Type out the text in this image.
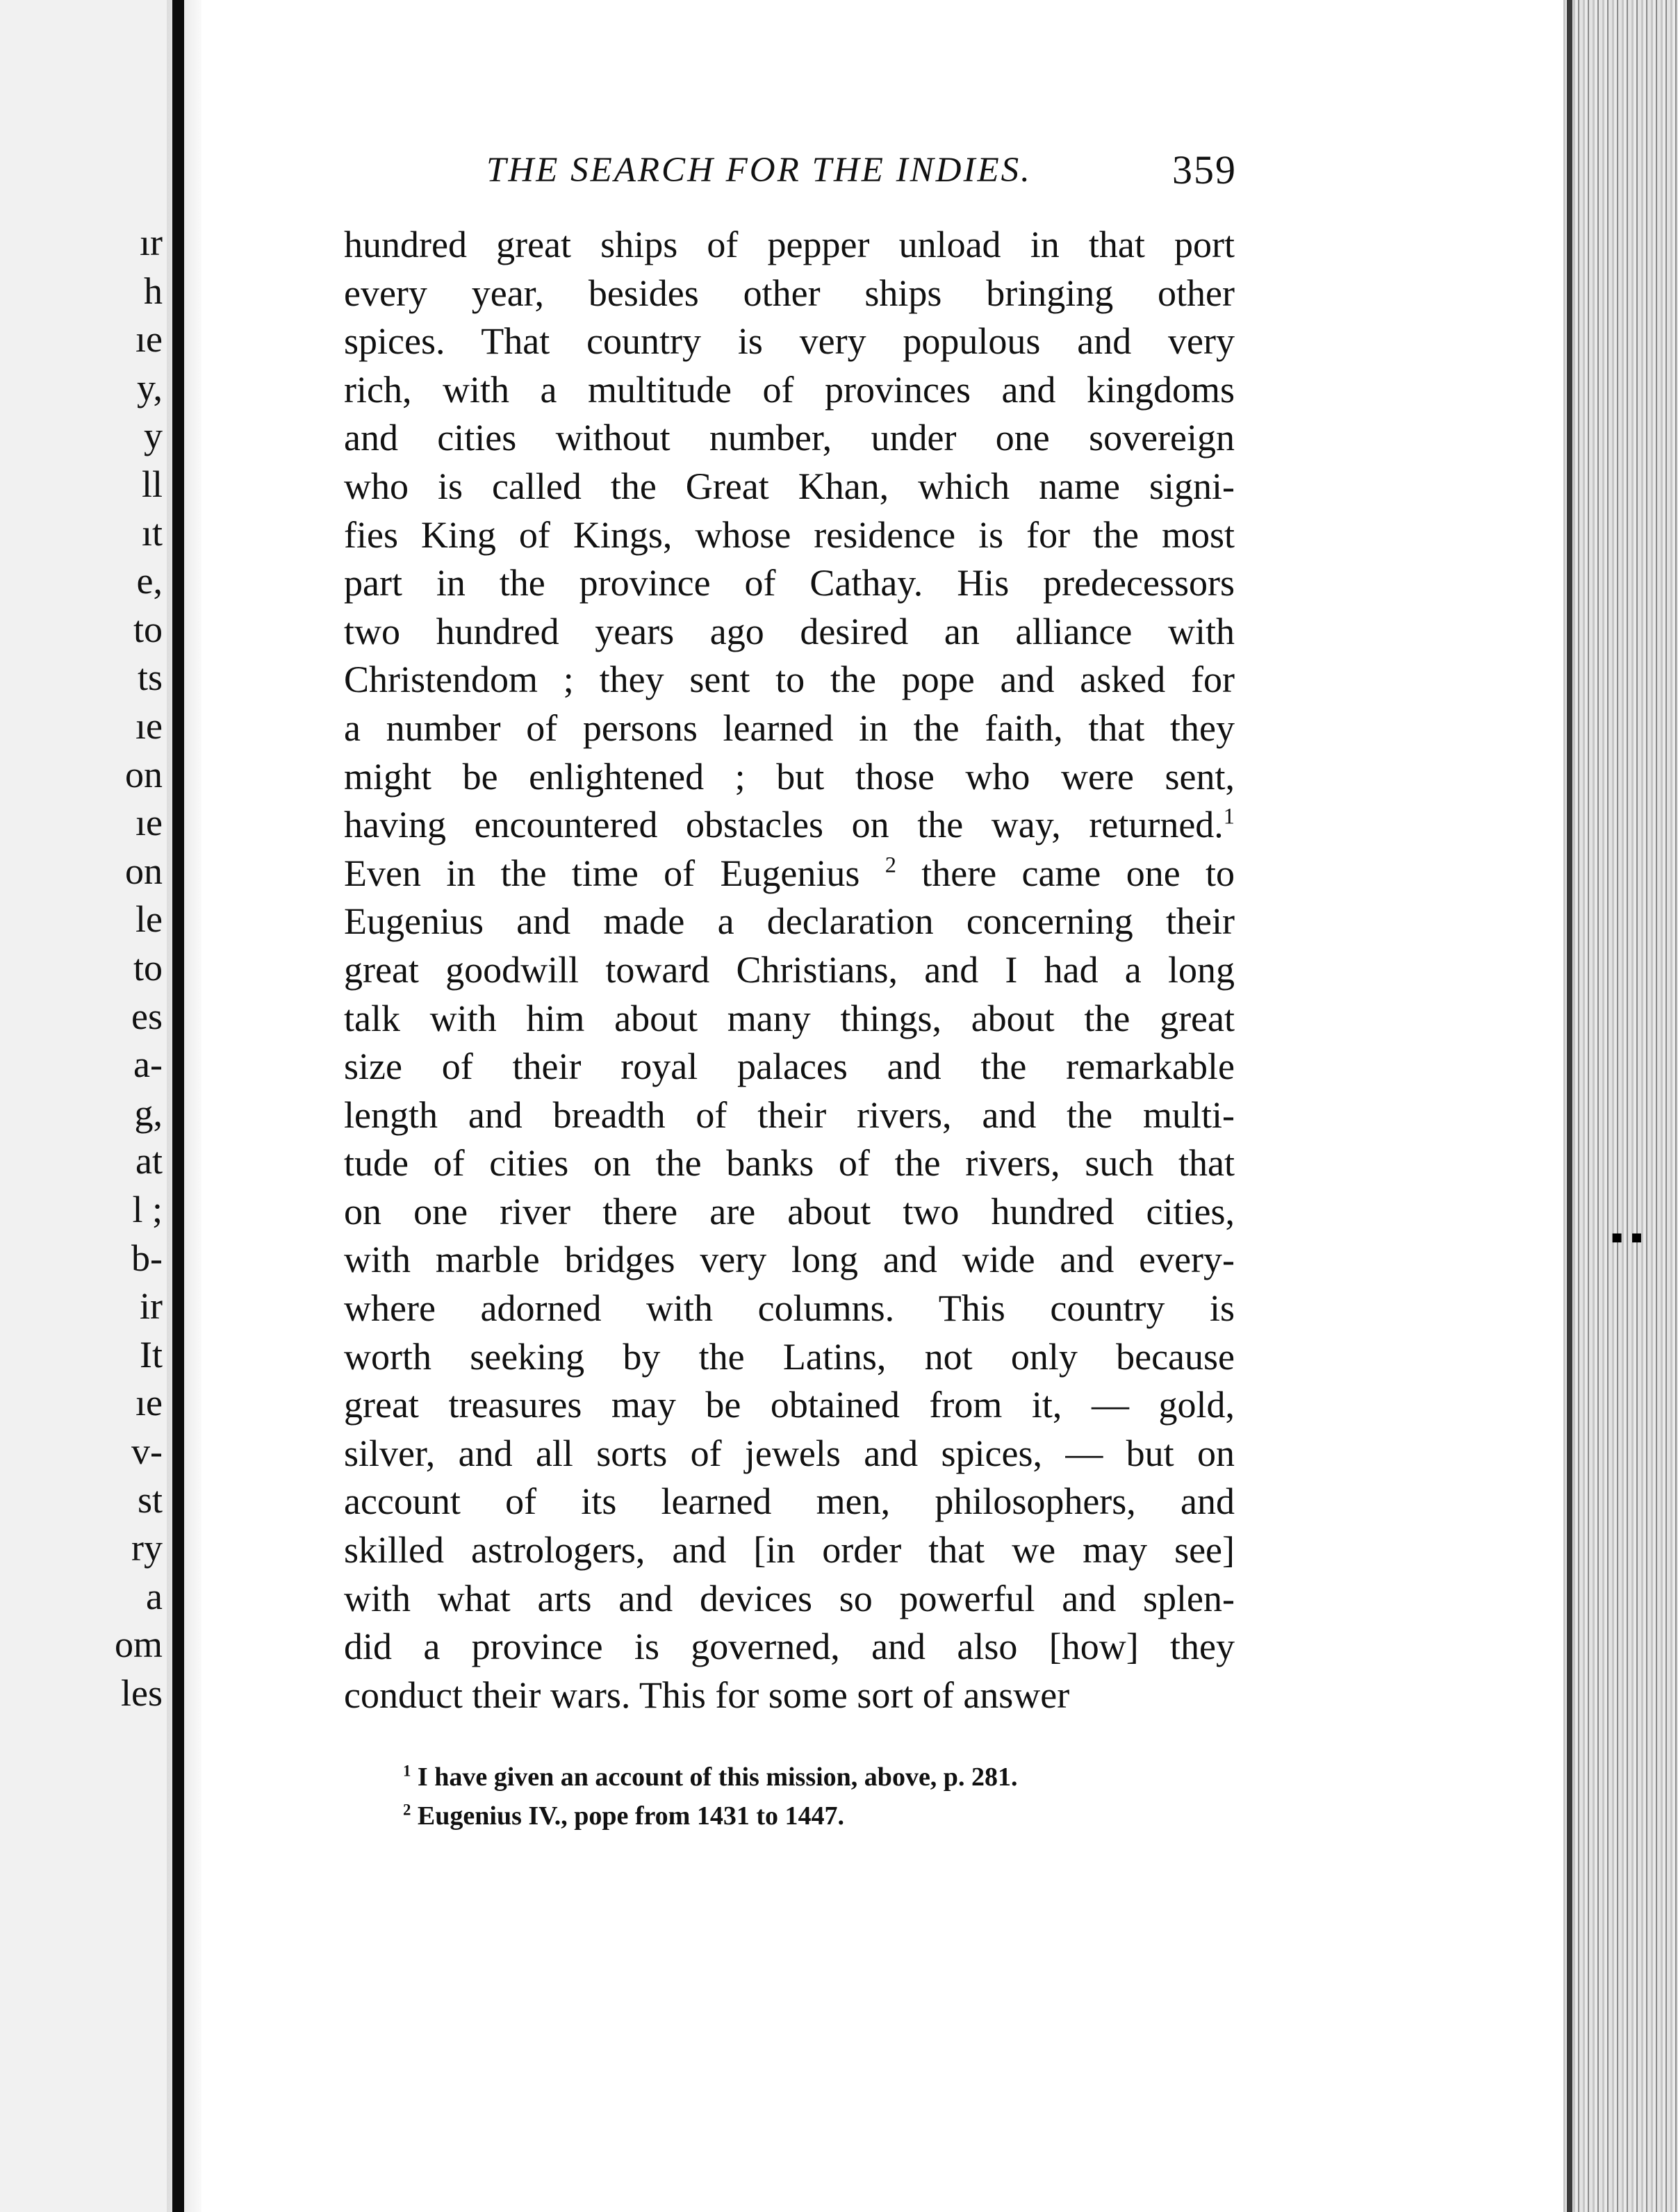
ır
h
ıe
y,
y
ll
ıt
e,
to
ts
ıe
on
ıe
on
le
to
es
a-
g,
at
l ;
b-
ir
It
ıe
v-
st
ry
a
om
les
▪▪
THE SEARCH FOR THE INDIES.	359
hundred great ships of pepper unload in that port
every year, besides other ships bringing other
spices. That country is very populous and very
rich, with a multitude of provinces and kingdoms
and cities without number, under one sovereign
who is called the Great Khan, which name signi-
fies King of Kings, whose residence is for the most
part in the province of Cathay. His predecessors
two hundred years ago desired an alliance with
Christendom ; they sent to the pope and asked for
a number of persons learned in the faith, that they
might be enlightened ; but those who were sent,
having encountered obstacles on the way, returned.$^1$
Even in the time of Eugenius $^2$ there came one to
Eugenius and made a declaration concerning their
great goodwill toward Christians, and I had a long
talk with him about many things, about the great
size of their royal palaces and the remarkable
length and breadth of their rivers, and the multi-
tude of cities on the banks of the rivers, such that
on one river there are about two hundred cities,
with marble bridges very long and wide and every-
where adorned with columns. This country is
worth seeking by the Latins, not only because
great treasures may be obtained from it, — gold,
silver, and all sorts of jewels and spices, — but on
account of its learned men, philosophers, and
skilled astrologers, and [in order that we may see]
with what arts and devices so powerful and splen-
did a province is governed, and also [how] they
conduct their wars. This for some sort of answer
$^1$ I have given an account of this mission, above, p. 281.
$^2$ Eugenius IV., pope from 1431 to 1447.
